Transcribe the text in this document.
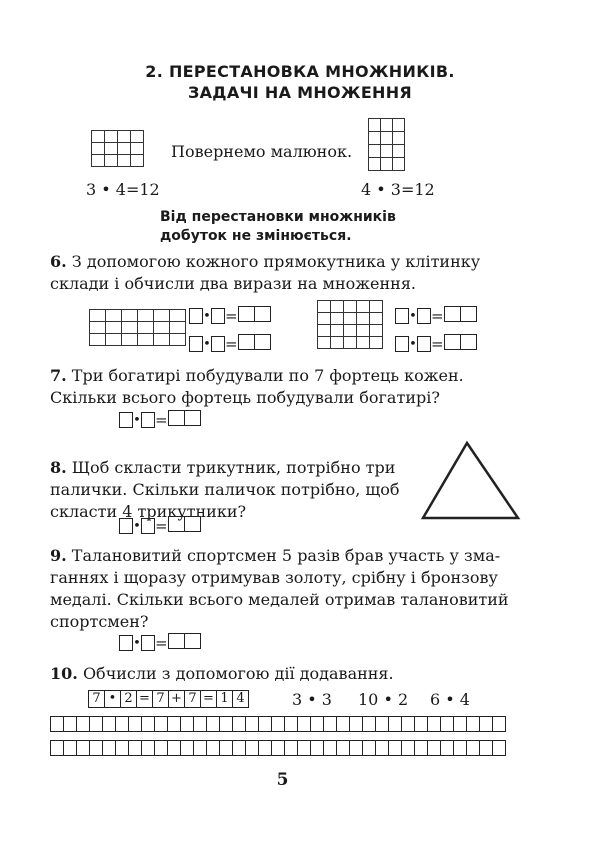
2. ПЕРЕСТАНОВКА МНОЖНИКІВ.
ЗАДАЧІ НА МНОЖЕННЯ

Повернемо малюнок.

3 • 4=12	4 • 3=12
Від перестановки множників
добуток не змінюється.
6. З допомогою кожного прямокутника у клітинку
склади і обчисли два вирази на множення.

• =
• =

• =
• =
7. Три богатирі побудували по 7 фортець кожен.
Скільки всього фортець побудували богатирі?
• =
8. Щоб скласти трикутник, потрібно три
палички. Скільки паличок потрібно, щоб
скласти 4 трикутники?
• =
9. Талановитий спортсмен 5 разів брав участь у зма-
ганнях і щоразу отримував золоту, срібну і бронзову
медалі. Скільки всього медалей отримав талановитий
спортсмен?
• =
10. Обчисли з допомогою дії додавання.
7 • 2 = 7 + 7 = 1 4	3 • 3 10 • 2 6 • 4
5
